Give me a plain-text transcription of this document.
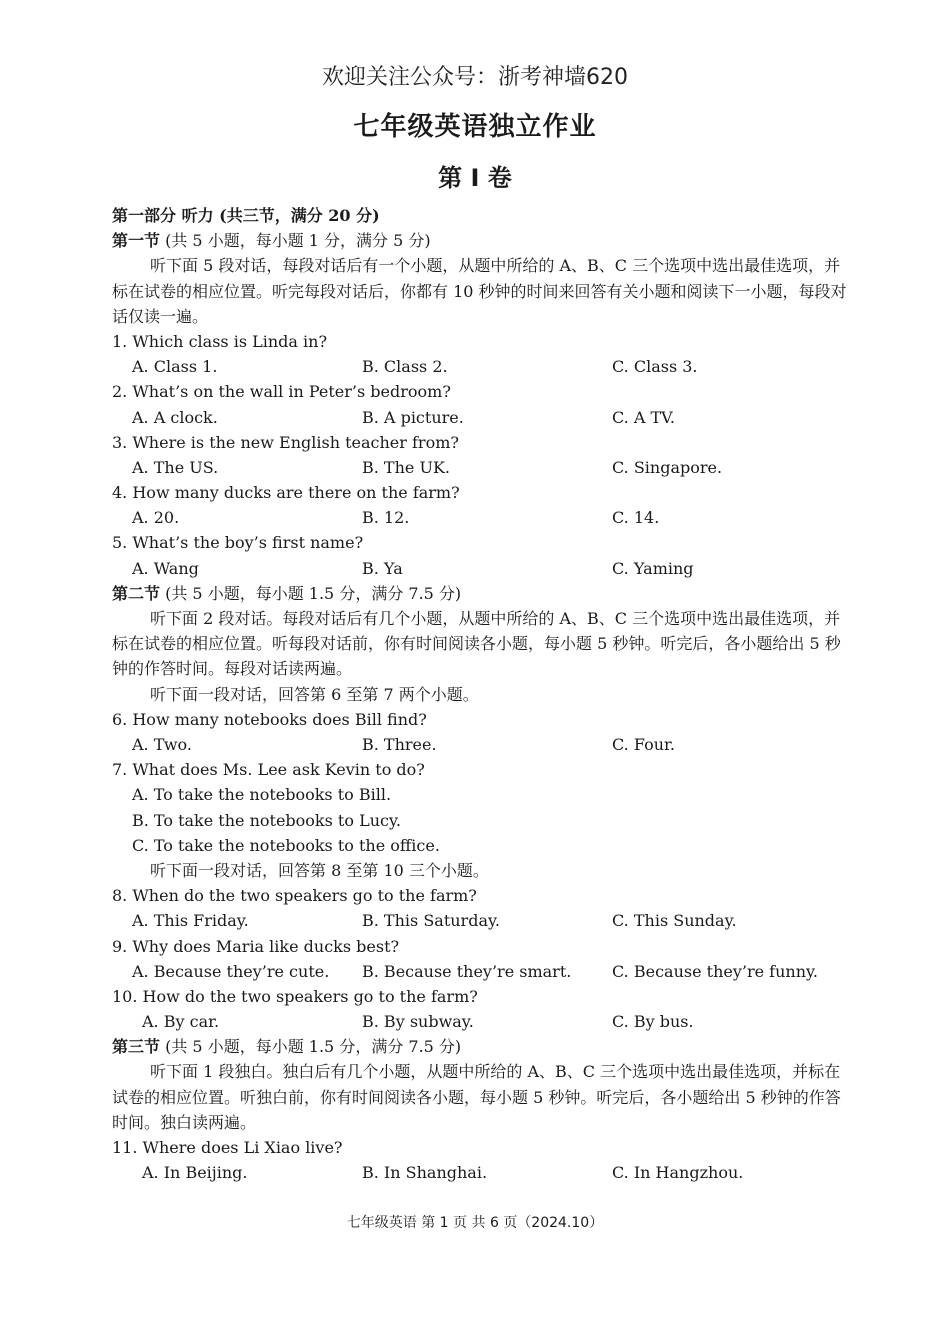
欢迎关注公众号：浙考神墙620
七年级英语独立作业
第 I 卷
第一部分 听力 (共三节，满分 20 分)
第一节 (共 5 小题，每小题 1 分，满分 5 分)
听下面 5 段对话，每段对话后有一个小题，从题中所给的 A、B、C 三个选项中选出最佳选项，并标在试卷的相应位置。听完每段对话后，你都有 10 秒钟的时间来回答有关小题和阅读下一小题，每段对话仅读一遍。
1. Which class is Linda in?
A. Class 1.	B. Class 2.	C. Class 3.
2. What’s on the wall in Peter’s bedroom?
A. A clock.	B. A picture.	C. A TV.
3. Where is the new English teacher from?
A. The US.	B. The UK.	C. Singapore.
4. How many ducks are there on the farm?
A. 20.	B. 12.	C. 14.
5. What’s the boy’s first name?
A. Wang	B. Ya	C. Yaming
第二节 (共 5 小题，每小题 1.5 分，满分 7.5 分)
听下面 2 段对话。每段对话后有几个小题，从题中所给的 A、B、C 三个选项中选出最佳选项，并标在试卷的相应位置。听每段对话前，你有时间阅读各小题，每小题 5 秒钟。听完后，各小题给出 5 秒钟的作答时间。每段对话读两遍。
听下面一段对话，回答第 6 至第 7 两个小题。
6. How many notebooks does Bill find?
A. Two.	B. Three.	C. Four.
7. What does Ms. Lee ask Kevin to do?
A. To take the notebooks to Bill.
B. To take the notebooks to Lucy.
C. To take the notebooks to the office.
听下面一段对话，回答第 8 至第 10 三个小题。
8. When do the two speakers go to the farm?
A. This Friday.	B. This Saturday.	C. This Sunday.
9. Why does Maria like ducks best?
A. Because they’re cute. B. Because they’re smart.	C. Because they’re funny.
10. How do the two speakers go to the farm?
A. By car.	B. By subway.	C. By bus.
第三节 (共 5 小题，每小题 1.5 分，满分 7.5 分)
听下面 1 段独白。独白后有几个小题，从题中所给的 A、B、C 三个选项中选出最佳选项，并标在试卷的相应位置。听独白前，你有时间阅读各小题，每小题 5 秒钟。听完后，各小题给出 5 秒钟的作答时间。独白读两遍。
11. Where does Li Xiao live?
A. In Beijing.	B. In Shanghai.	C. In Hangzhou.
七年级英语 第 1 页 共 6 页（2024.10）
